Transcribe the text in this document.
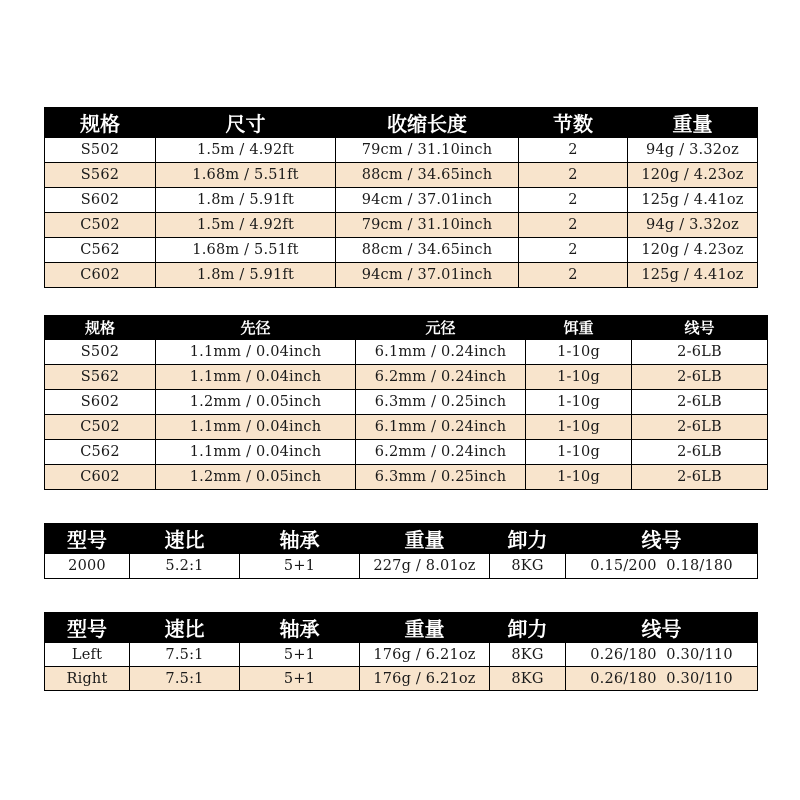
规格	尺寸	收缩长度	节数	重量
S502	1.5m / 4.92ft	79cm / 31.10inch	2	94g / 3.32oz
S562	1.68m / 5.51ft	88cm / 34.65inch	2	120g / 4.23oz
S602	1.8m / 5.91ft	94cm / 37.01inch	2	125g / 4.41oz
C502	1.5m / 4.92ft	79cm / 31.10inch	2	94g / 3.32oz
C562	1.68m / 5.51ft	88cm / 34.65inch	2	120g / 4.23oz
C602	1.8m / 5.91ft	94cm / 37.01inch	2	125g / 4.41oz
规格	先径	元径	饵重	线号
S502	1.1mm / 0.04inch	6.1mm / 0.24inch	1-10g	2-6LB
S562	1.1mm / 0.04inch	6.2mm / 0.24inch	1-10g	2-6LB
S602	1.2mm / 0.05inch	6.3mm / 0.25inch	1-10g	2-6LB
C502	1.1mm / 0.04inch	6.1mm / 0.24inch	1-10g	2-6LB
C562	1.1mm / 0.04inch	6.2mm / 0.24inch	1-10g	2-6LB
C602	1.2mm / 0.05inch	6.3mm / 0.25inch	1-10g	2-6LB
型号	速比	轴承	重量	卸力	线号
2000	5.2:1	5+1	227g / 8.01oz	8KG	0.15/200  0.18/180
型号	速比	轴承	重量	卸力	线号
Left	7.5:1	5+1	176g / 6.21oz	8KG	0.26/180  0.30/110
Right	7.5:1	5+1	176g / 6.21oz	8KG	0.26/180  0.30/110
